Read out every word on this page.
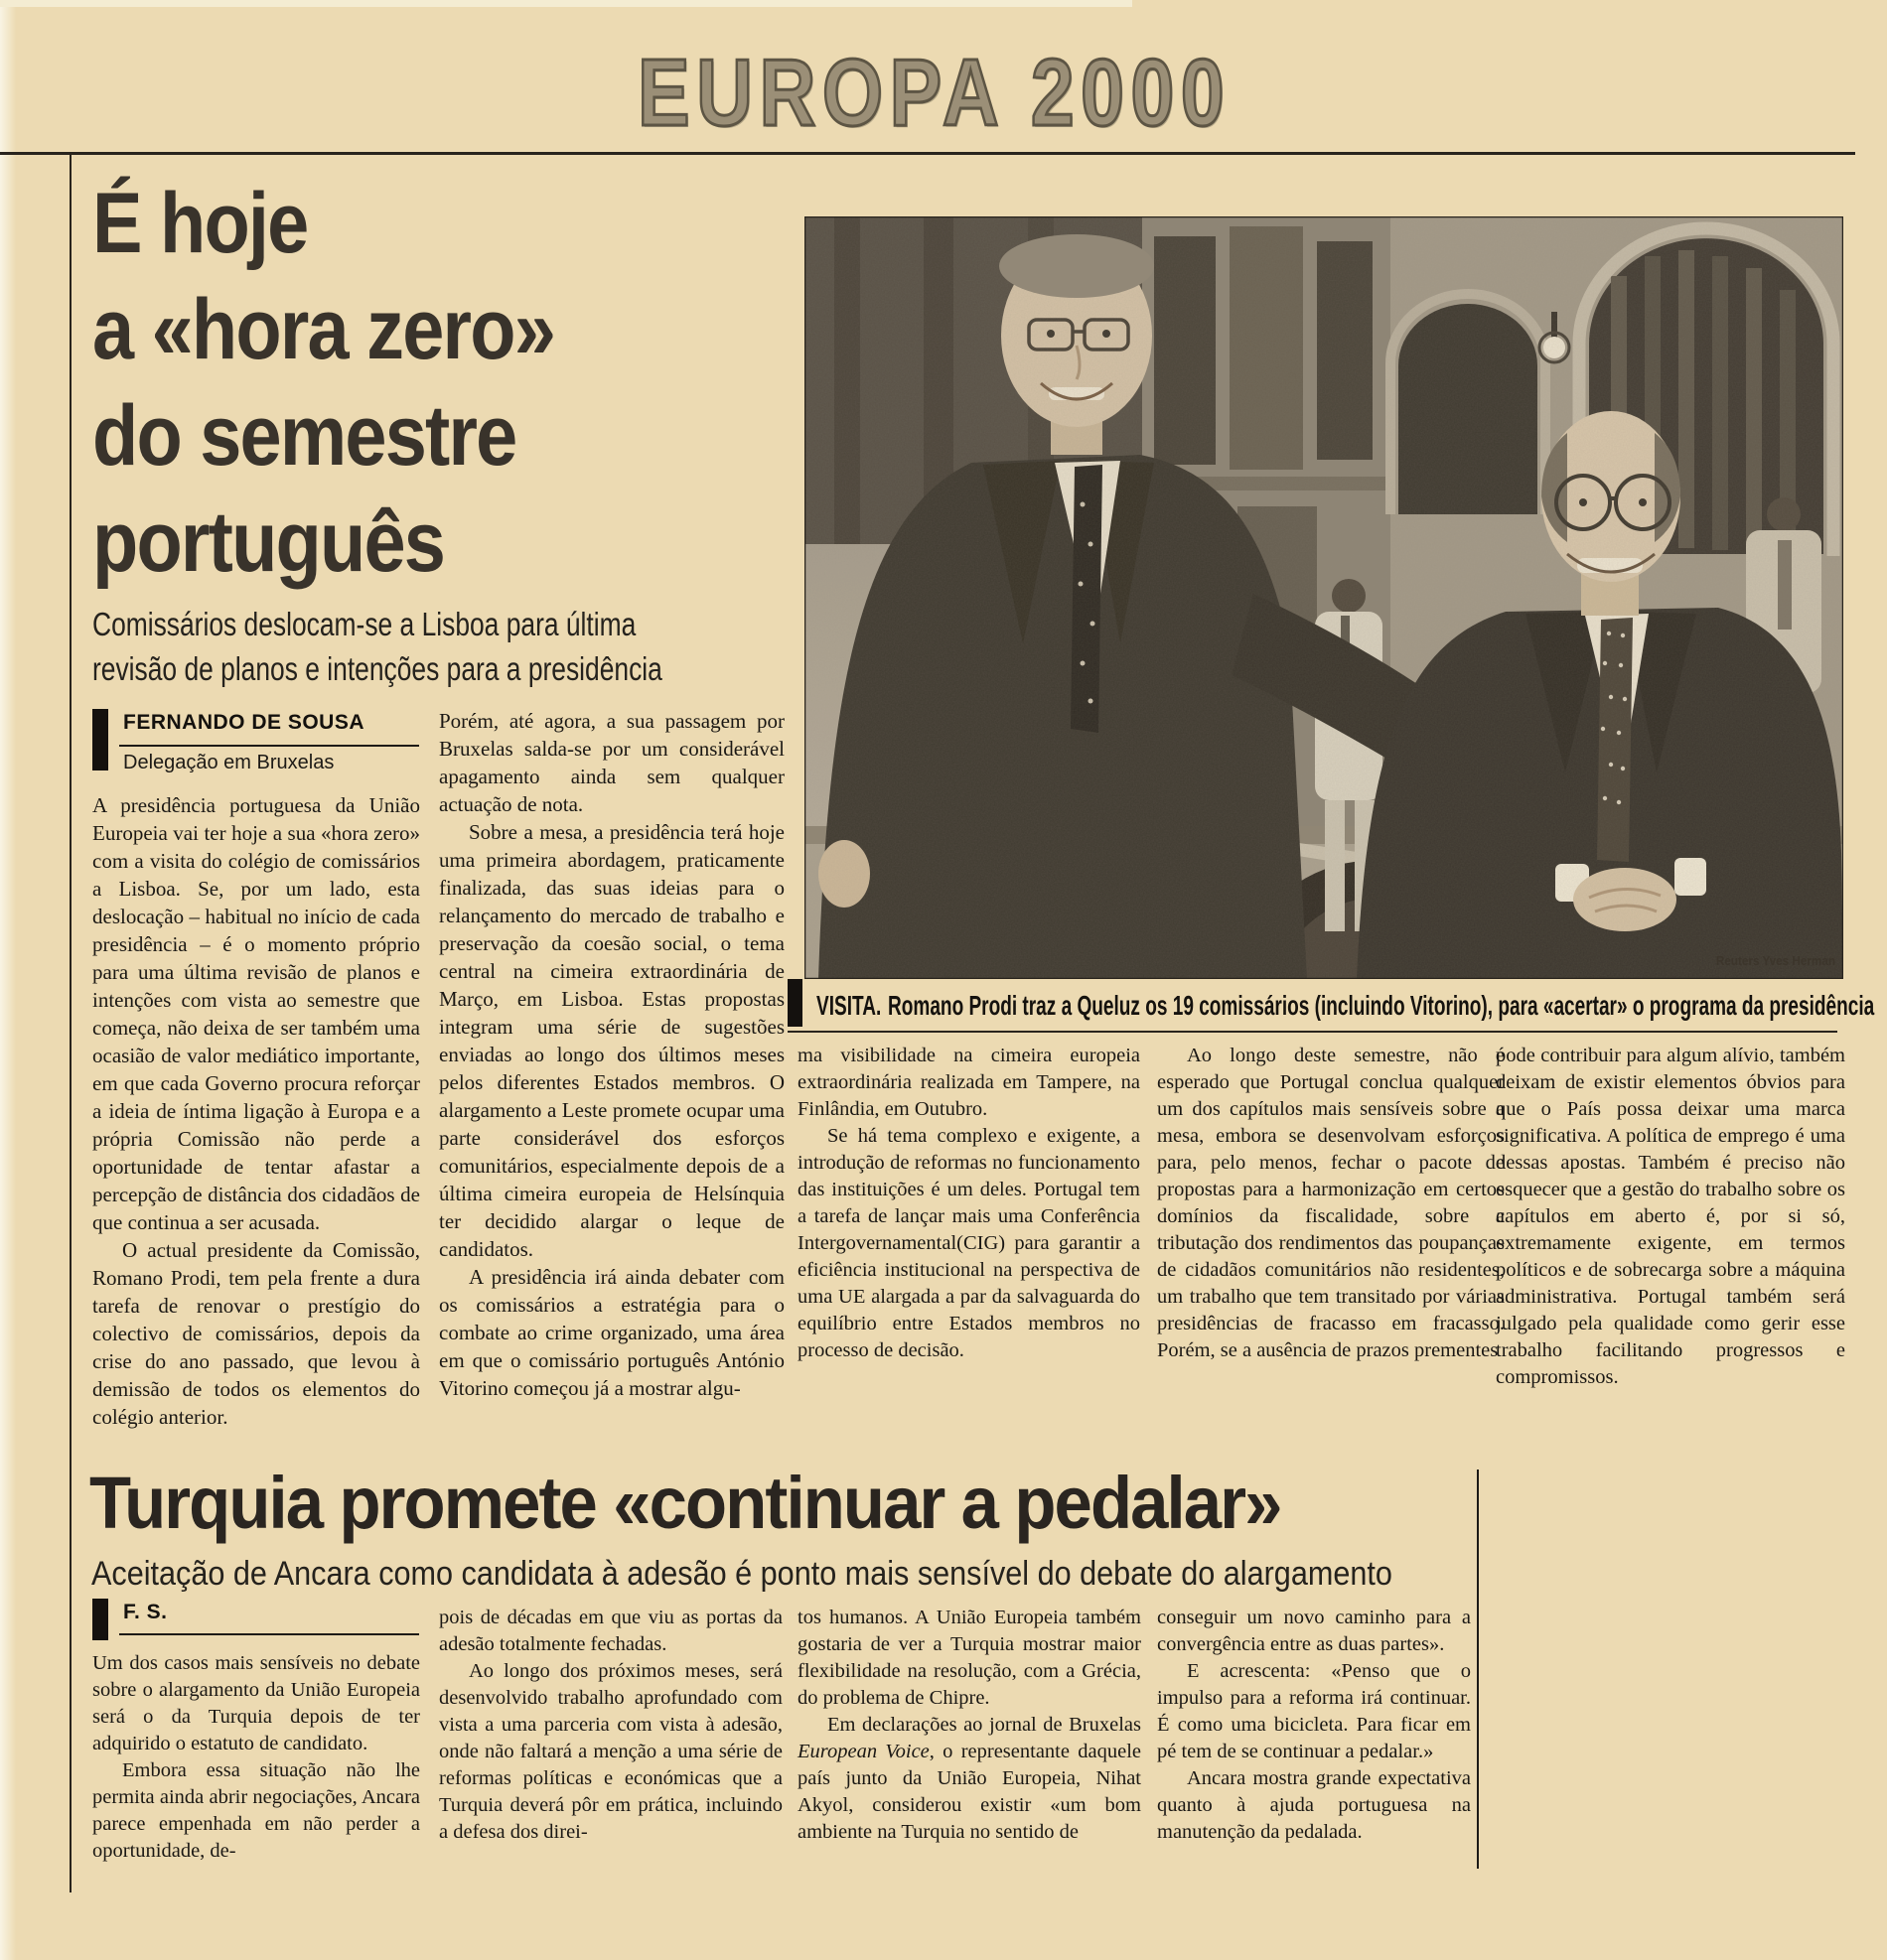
EUROPA 2000
É hoje
a «hora zero»
do semestre
português
Comissários deslocam-se a Lisboa para última
revisão de planos e intenções para a presidência
FERNANDO DE SOUSA
Delegação em Bruxelas

A presidência portuguesa da União Europeia vai ter hoje a sua «hora zero» com a visita do colégio de comissários a Lisboa. Se, por um lado, esta deslocação – habitual no início de cada presidência – é o momento próprio para uma última revisão de planos e intenções com vista ao semestre que começa, não deixa de ser também uma ocasião de valor mediático importante, em que cada Governo procura reforçar a ideia de íntima ligação à Europa e a própria Comissão não perde a oportunidade de tentar afastar a percepção de distância dos cidadãos de que continua a ser acusada.

O actual presidente da Comissão, Romano Prodi, tem pela frente a dura tarefa de renovar o prestígio do colectivo de comissários, depois da crise do ano passado, que levou à demissão de todos os elementos do colégio anterior.

Porém, até agora, a sua passagem por Bruxelas salda-se por um considerável apagamento ainda sem qualquer actuação de nota.

Sobre a mesa, a presidência terá hoje uma primeira abordagem, praticamente finalizada, das suas ideias para o relançamento do mercado de trabalho e preservação da coesão social, o tema central na cimeira extraordinária de Março, em Lisboa. Estas propostas integram uma série de sugestões enviadas ao longo dos últimos meses pelos diferentes Estados membros. O alargamento a Leste promete ocupar uma parte considerável dos esforços comunitários, especialmente depois de a última cimeira europeia de Helsínquia ter decidido alargar o leque de candidatos.

A presidência irá ainda debater com os comissários a estratégia para o combate ao crime organizado, uma área em que o comissário português António Vitorino começou já a mostrar algu-

ma visibilidade na cimeira europeia extraordinária realizada em Tampere, na Finlândia, em Outubro.

Se há tema complexo e exigente, a introdução de reformas no funcionamento das instituições é um deles. Portugal tem a tarefa de lançar mais uma Conferência Intergovernamental(CIG) para garantir a eficiência institucional na perspectiva de uma UE alargada a par da salvaguarda do equilíbrio entre Estados membros no processo de decisão.

Ao longo deste semestre, não é esperado que Portugal conclua qualquer um dos capítulos mais sensíveis sobre a mesa, embora se desenvolvam esforços para, pelo menos, fechar o pacote de propostas para a harmonização em certos domínios da fiscalidade, sobre a tributação dos rendimentos das poupanças de cidadãos comunitários não residentes, um trabalho que tem transitado por várias presidências de fracasso em fracasso. Porém, se a ausência de prazos prementes

pode contribuir para algum alívio, também deixam de existir elementos óbvios para que o País possa deixar uma marca significativa. A política de emprego é uma dessas apostas. Também é preciso não esquecer que a gestão do trabalho sobre os capítulos em aberto é, por si só, extremamente exigente, em termos políticos e de sobrecarga sobre a máquina administrativa. Portugal também será julgado pela qualidade como gerir esse trabalho facilitando progressos e compromissos.

Reuters Yves Herman
VISITA. Romano Prodi traz a Queluz os 19 comissários (incluindo Vitorino), para «acertar» o programa da presidência
Turquia promete «continuar a pedalar»
Aceitação de Ancara como candidata à adesão é ponto mais sensível do debate do alargamento
F. S.

Um dos casos mais sensíveis no debate sobre o alargamento da União Europeia será o da Turquia depois de ter adquirido o estatuto de candidato.

Embora essa situação não lhe permita ainda abrir negociações, Ancara parece empenhada em não perder a oportunidade, de-

pois de décadas em que viu as portas da adesão totalmente fechadas.

Ao longo dos próximos meses, será desenvolvido trabalho aprofundado com vista a uma parceria com vista à adesão, onde não faltará a menção a uma série de reformas políticas e económicas que a Turquia deverá pôr em prática, incluindo a defesa dos direi-

tos humanos. A União Europeia também gostaria de ver a Turquia mostrar maior flexibilidade na resolução, com a Grécia, do problema de Chipre.

Em declarações ao jornal de Bruxelas European Voice, o representante daquele país junto da União Europeia, Nihat Akyol, considerou existir «um bom ambiente na Turquia no sentido de

conseguir um novo caminho para a convergência entre as duas partes».

E acrescenta: «Penso que o impulso para a reforma irá continuar. É como uma bicicleta. Para ficar em pé tem de se continuar a pedalar.»

Ancara mostra grande expectativa quanto à ajuda portuguesa na manutenção da pedalada.
